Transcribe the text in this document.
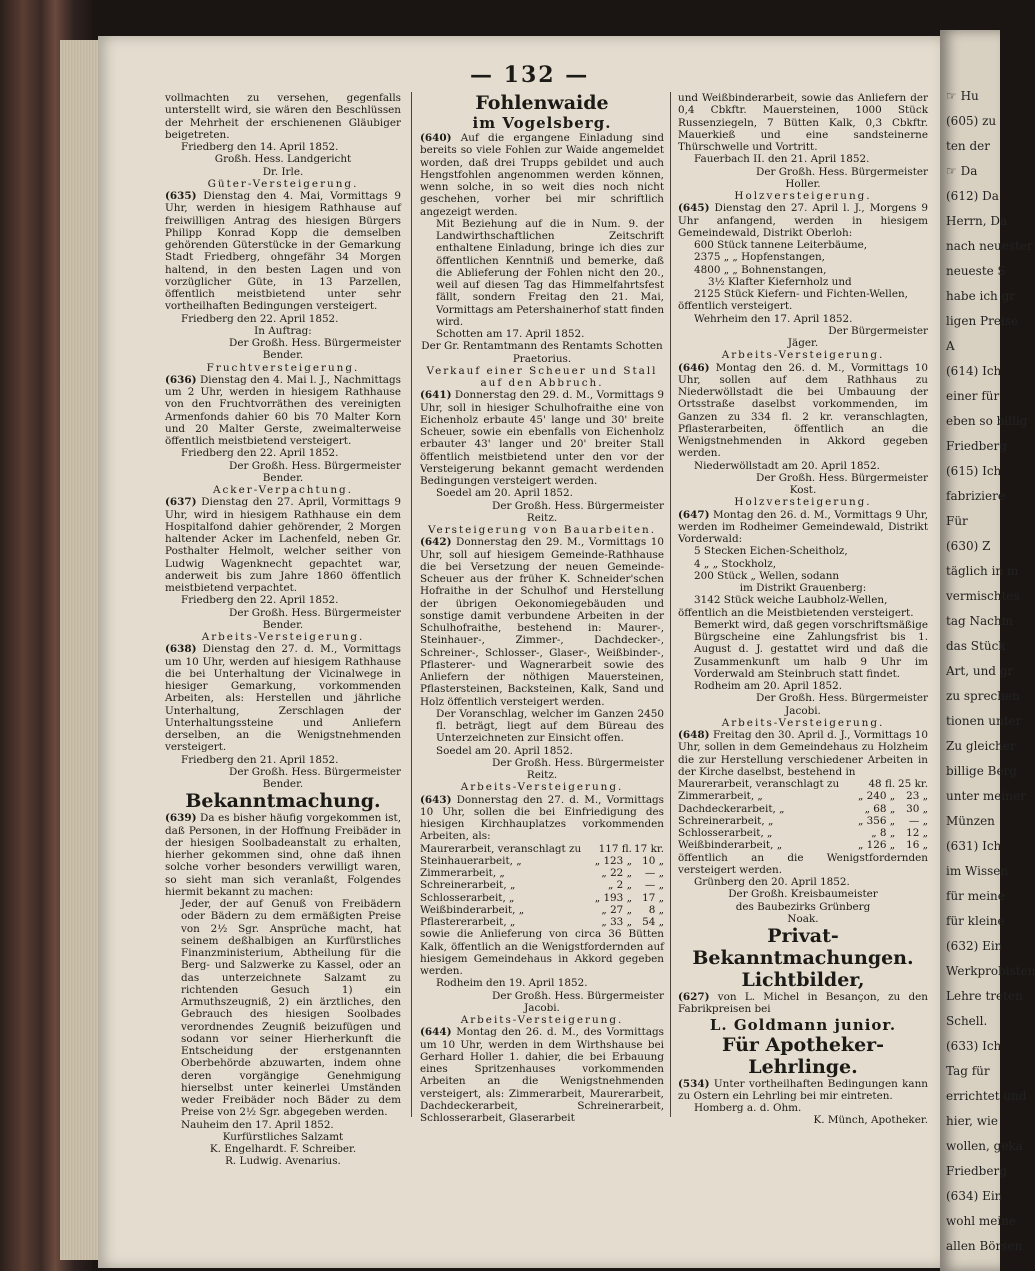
— 132 —

vollmachten zu versehen, gegenfalls unterstellt wird, sie wären den Beschlüssen der Mehrheit der erschienenen Gläubiger beigetreten.

Friedberg den 14. April 1852.

Großh. Hess. Landgericht

Dr. Irle.

Güter-Versteigerung.

(635) Dienstag den 4. Mai, Vormittags 9 Uhr, werden in hiesigem Rathhause auf freiwilligen Antrag des hiesigen Bürgers Philipp Konrad Kopp die demselben gehörenden Güterstücke in der Gemarkung Stadt Friedberg, ohngefähr 34 Morgen haltend, in den besten Lagen und von vorzüglicher Güte, in 13 Parzellen, öffentlich meistbietend unter sehr vortheilhaften Bedingungen versteigert.

Friedberg den 22. April 1852.

In Auftrag:

Der Großh. Hess. Bürgermeister

Bender.

Fruchtversteigerung.

(636) Dienstag den 4. Mai l. J., Nachmittags um 2 Uhr, werden in hiesigem Rathhause von den Fruchtvorräthen des vereinigten Armenfonds dahier 60 bis 70 Malter Korn und 20 Malter Gerste, zweimalterweise öffentlich meistbietend versteigert.

Friedberg den 22. April 1852.

Der Großh. Hess. Bürgermeister

Bender.

Acker-Verpachtung.

(637) Dienstag den 27. April, Vormittags 9 Uhr, wird in hiesigem Rathhause ein dem Hospitalfond dahier gehörender, 2 Morgen haltender Acker im Lachenfeld, neben Gr. Posthalter Helmolt, welcher seither von Ludwig Wagenknecht gepachtet war, anderweit bis zum Jahre 1860 öffentlich meistbietend verpachtet.

Friedberg den 22. April 1852.

Der Großh. Hess. Bürgermeister

Bender.

Arbeits-Versteigerung.

(638) Dienstag den 27. d. M., Vormittags um 10 Uhr, werden auf hiesigem Rathhause die bei Unterhaltung der Vicinalwege in hiesiger Gemarkung, vorkommenden Arbeiten, als: Herstellen und jährliche Unterhaltung, Zerschlagen der Unterhaltungssteine und Anliefern derselben, an die Wenigstnehmenden versteigert.

Friedberg den 21. April 1852.

Der Großh. Hess. Bürgermeister

Bender.

Bekanntmachung.

(639) Da es bisher häufig vorgekommen ist, daß Personen, in der Hoffnung Freibäder in der hiesigen Soolbadeanstalt zu erhalten, hierher gekommen sind, ohne daß ihnen solche vorher besonders verwilligt waren, so sieht man sich veranlaßt, Folgendes hiermit bekannt zu machen:

Jeder, der auf Genuß von Freibädern oder Bädern zu dem ermäßigten Preise von 2½ Sgr. Ansprüche macht, hat seinem deßhalbigen an Kurfürstliches Finanzministerium, Abtheilung für die Berg- und Salzwerke zu Kassel, oder an das unterzeichnete Salzamt zu richtenden Gesuch 1) ein Armuthszeugniß, 2) ein ärztliches, den Gebrauch des hiesigen Soolbades verordnendes Zeugniß beizufügen und sodann vor seiner Hierherkunft die Entscheidung der erstgenannten Oberbehörde abzuwarten, indem ohne deren vorgängige Genehmigung hierselbst unter keinerlei Umständen weder Freibäder noch Bäder zu dem Preise von 2½ Sgr. abgegeben werden.

Nauheim den 17. April 1852.

Kurfürstliches Salzamt

K. Engelhardt. F. Schreiber.

R. Ludwig. Avenarius.

Fohlenwaide

im Vogelsberg.

(640) Auf die ergangene Einladung sind bereits so viele Fohlen zur Waide angemeldet worden, daß drei Trupps gebildet und auch Hengstfohlen angenommen werden können, wenn solche, in so weit dies noch nicht geschehen, vorher bei mir schriftlich angezeigt werden.

Mit Beziehung auf die in Num. 9. der Landwirthschaftlichen Zeitschrift enthaltene Einladung, bringe ich dies zur öffentlichen Kenntniß und bemerke, daß die Ablieferung der Fohlen nicht den 20., weil auf diesen Tag das Himmelfahrtsfest fällt, sondern Freitag den 21. Mai, Vormittags am Petershainerhof statt finden wird.

Schotten am 17. April 1852.

Der Gr. Rentamtmann des Rentamts Schotten

Praetorius.

Verkauf einer Scheuer und Stall auf den Abbruch.

(641) Donnerstag den 29. d. M., Vormittags 9 Uhr, soll in hiesiger Schulhofraithe eine von Eichenholz erbaute 45' lange und 30' breite Scheuer, sowie ein ebenfalls von Eichenholz erbauter 43' langer und 20' breiter Stall öffentlich meistbietend unter den vor der Versteigerung bekannt gemacht werdenden Bedingungen versteigert werden.

Soedel am 20. April 1852.

Der Großh. Hess. Bürgermeister

Reitz.

Versteigerung von Bauarbeiten.

(642) Donnerstag den 29. M., Vormittags 10 Uhr, soll auf hiesigem Gemeinde-Rathhause die bei Versetzung der neuen Gemeinde-Scheuer aus der früher K. Schneider'schen Hofraithe in der Schulhof und Herstellung der übrigen Oekonomiegebäuden und sonstige damit verbundene Arbeiten in der Schulhofraithe, bestehend in: Maurer-, Steinhauer-, Zimmer-, Dachdecker-, Schreiner-, Schlosser-, Glaser-, Weißbinder-, Pflasterer- und Wagnerarbeit sowie des Anliefern der nöthigen Mauersteinen, Pflastersteinen, Backsteinen, Kalk, Sand und Holz öffentlich versteigert werden.

Der Voranschlag, welcher im Ganzen 2450 fl. beträgt, liegt auf dem Büreau des Unterzeichneten zur Einsicht offen.

Soedel am 20. April 1852.

Der Großh. Hess. Bürgermeister

Reitz.

Arbeits-Versteigerung.

(643) Donnerstag den 27. d. M., Vormittags 10 Uhr, sollen die bei Einfriedigung des hiesigen Kirchhauplatzes vorkommenden Arbeiten, als:

Maurerarbeit, veranschlagt zu	117 fl.	17 kr.
Steinhauerarbeit, „	„ 123 „	10 „
Zimmerarbeit, „	„ 22 „	— „
Schreinerarbeit, „	„ 2 „	— „
Schlosserarbeit, „	„ 193 „	17 „
Weißbinderarbeit, „	„ 27 „	8 „
Pflastererarbeit, „	„ 33 „	54 „

sowie die Anlieferung von circa 36 Bütten Kalk, öffentlich an die Wenigstfordernden auf hiesigem Gemeindehaus in Akkord gegeben werden.

Rodheim den 19. April 1852.

Der Großh. Hess. Bürgermeister

Jacobi.

Arbeits-Versteigerung.

(644) Montag den 26. d. M., des Vormittags um 10 Uhr, werden in dem Wirthshause bei Gerhard Holler 1. dahier, die bei Erbauung eines Spritzenhauses vorkommenden Arbeiten an die Wenigstnehmenden versteigert, als: Zimmerarbeit, Maurerarbeit, Dachdeckerarbeit, Schreinerarbeit, Schlosserarbeit, Glaserarbeit

und Weißbinderarbeit, sowie das Anliefern der 0,4 Cbkftr. Mauersteinen, 1000 Stück Russenziegeln, 7 Bütten Kalk, 0,3 Cbkftr. Mauerkieß und eine sandsteinerne Thürschwelle und Vortritt.

Fauerbach II. den 21. April 1852.

Der Großh. Hess. Bürgermeister

Holler.

Holzversteigerung.

(645) Dienstag den 27. April l. J., Morgens 9 Uhr anfangend, werden in hiesigem Gemeindewald, Distrikt Oberloh:

600 Stück tannene Leiterbäume,

2375 „ „ Hopfenstangen,

4800 „ „ Bohnenstangen,

3½ Klafter Kiefernholz und

2125 Stück Kiefern- und Fichten-Wellen,

öffentlich versteigert.

Wehrheim den 17. April 1852.

Der Bürgermeister

Jäger.

Arbeits-Versteigerung.

(646) Montag den 26. d. M., Vormittags 10 Uhr, sollen auf dem Rathhaus zu Niederwöllstadt die bei Umbauung der Ortsstraße daselbst vorkommenden, im Ganzen zu 334 fl. 2 kr. veranschlagten, Pflasterarbeiten, öffentlich an die Wenigstnehmenden in Akkord gegeben werden.

Niederwöllstadt am 20. April 1852.

Der Großh. Hess. Bürgermeister

Kost.

Holzversteigerung.

(647) Montag den 26. d. M., Vormittags 9 Uhr, werden im Rodheimer Gemeindewald, Distrikt Vorderwald:

5 Stecken Eichen-Scheitholz,

4 „ „ Stockholz,

200 Stück „ Wellen, sodann

im Distrikt Grauenberg:

3142 Stück weiche Laubholz-Wellen,

öffentlich an die Meistbietenden versteigert.

Bemerkt wird, daß gegen vorschriftsmäßige Bürgscheine eine Zahlungsfrist bis 1. August d. J. gestattet wird und daß die Zusammenkunft um halb 9 Uhr im Vorderwald am Steinbruch statt findet.

Rodheim am 20. April 1852.

Der Großh. Hess. Bürgermeister

Jacobi.

Arbeits-Versteigerung.

(648) Freitag den 30. April d. J., Vormittags 10 Uhr, sollen in dem Gemeindehaus zu Holzheim die zur Herstellung verschiedener Arbeiten in der Kirche daselbst, bestehend in

Maurerarbeit, veranschlagt zu	48 fl.	25 kr.
Zimmerarbeit, „	„ 240 „	23 „
Dachdeckerarbeit, „	„ 68 „	30 „
Schreinerarbeit, „	„ 356 „	— „
Schlosserarbeit, „	„ 8 „	12 „
Weißbinderarbeit, „	„ 126 „	16 „

öffentlich an die Wenigstfordernden versteigert werden.

Grünberg den 20. April 1852.

Der Großh. Kreisbaumeister

des Baubezirks Grünberg

Noak.

Privat-Bekanntmachungen.

Lichtbilder,

(627) von L. Michel in Besançon, zu den Fabrikpreisen bei

L. Goldmann junior.

Für Apotheker-Lehrlinge.

(534) Unter vortheilhaften Bedingungen kann zu Ostern ein Lehrling bei mir eintreten.

Homberg a. d. Ohm.

K. Münch, Apotheker.

☞ Hu
(605) zu
ten der
☞ Da
(612) Da
Herrn, Da
nach neuester
neueste S
habe ich gr
ligen Preise
A
(614) Ich
einer für
eben so billig
Friedberg
(615) Ich
fabriziere
Für
(630) Z
täglich in m
vermischtes
tag Nachm
das Stück
Art, und gr
zu sprechen
tionen unter
Zu gleicher
billige Berg
unter meiner
Münzen
(631) Ich
im Wissen
für meine
für kleine
(632) Ein
Werkprobisten
Lehre treten
Schell.
(633) Ich
Tag für
errichtet und
hier, wie
wollen, geka
Friedberg
(634) Ein
wohl meine
allen Börsen
